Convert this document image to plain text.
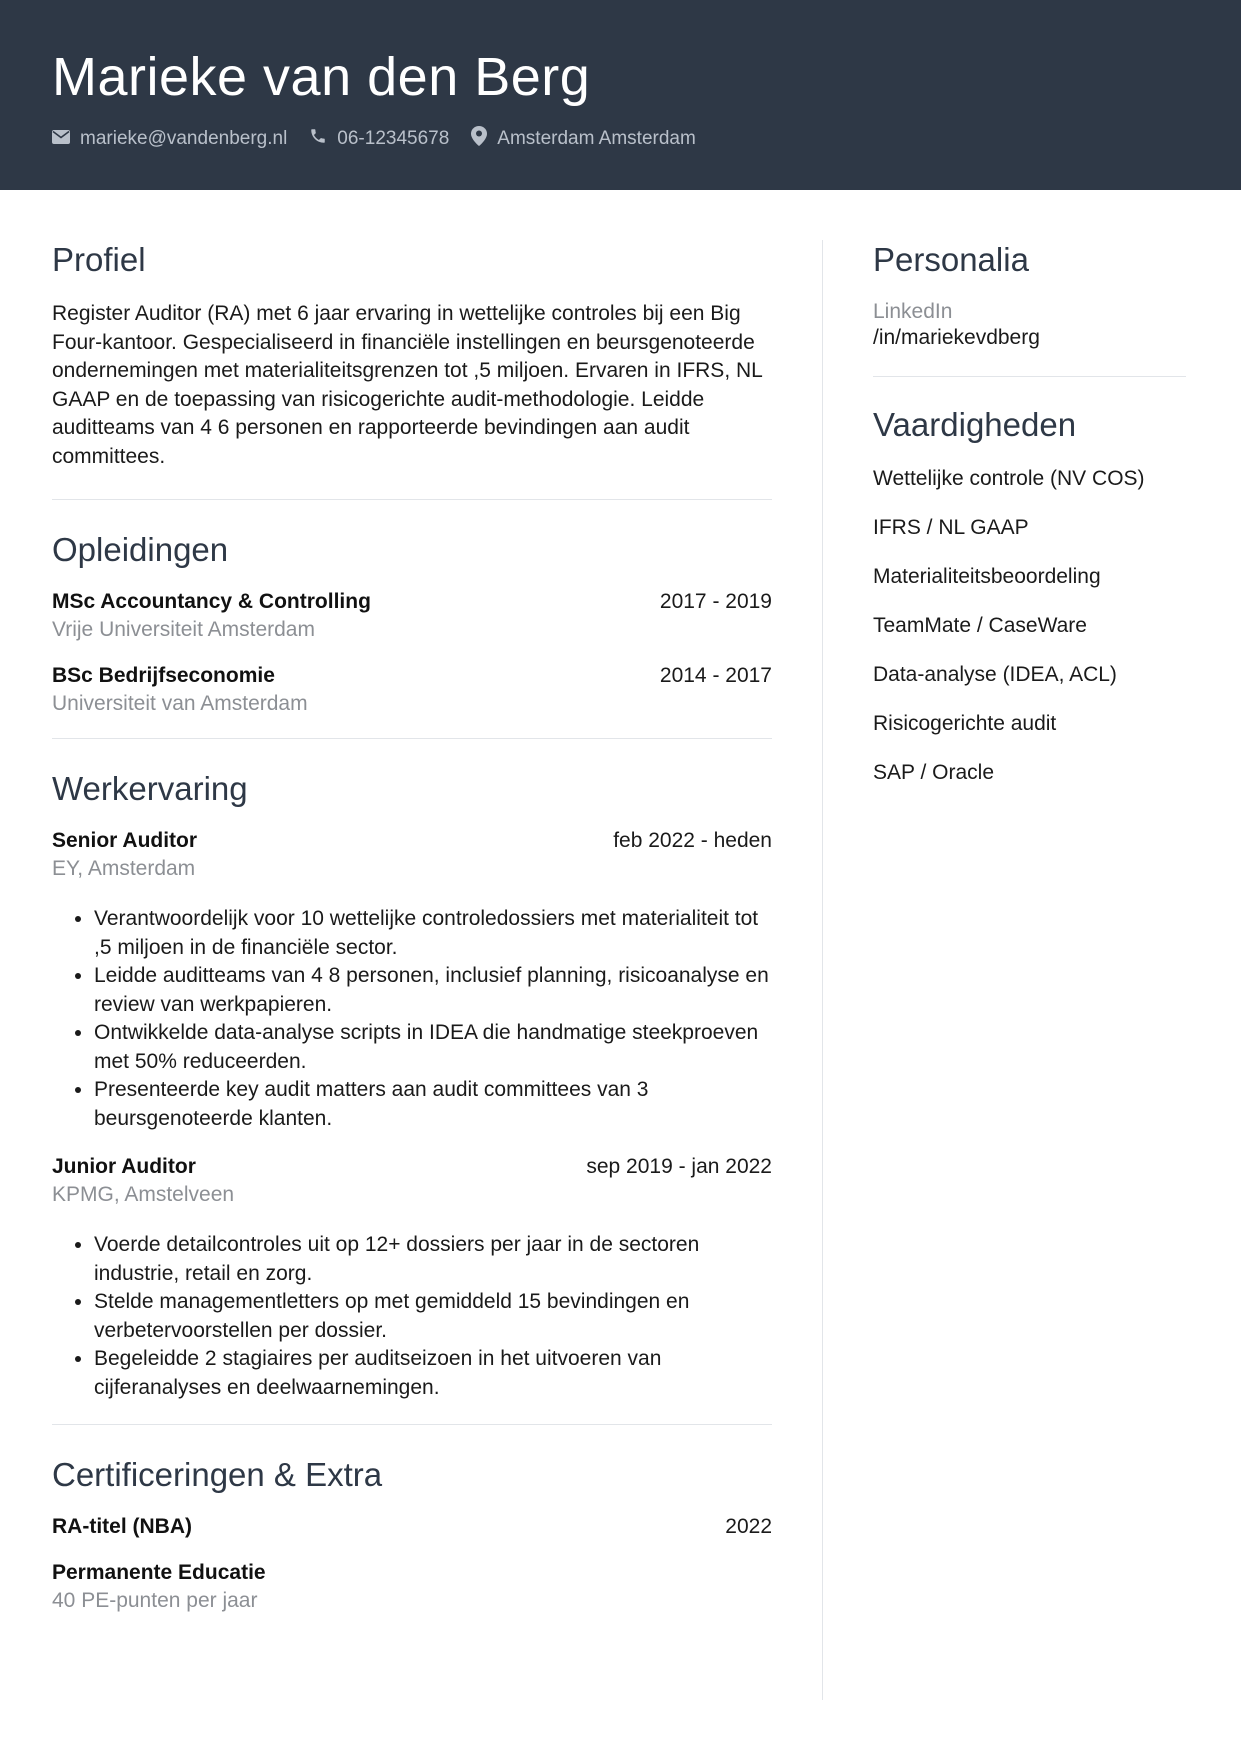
Marieke van den Berg
marieke@vandenberg.nl	06-12345678	Amsterdam Amsterdam
Profiel

Register Auditor (RA) met 6 jaar ervaring in wettelijke controles bij een Big Four-kantoor. Gespecialiseerd in financiële instellingen en beursgenoteerde ondernemingen met materialiteitsgrenzen tot ,5 miljoen. Ervaren in IFRS, NL GAAP en de toepassing van risicogerichte audit-methodologie. Leidde auditteams van 4 6 personen en rapporteerde bevindingen aan audit committees.

Opleidingen
MSc Accountancy & Controlling	2017 - 2019
Vrije Universiteit Amsterdam
BSc Bedrijfseconomie	2014 - 2017
Universiteit van Amsterdam
Werkervaring
Senior Auditor	feb 2022 - heden
EY, Amsterdam
• Verantwoordelijk voor 10 wettelijke controledossiers met materialiteit tot ,5 miljoen in de financiële sector.
• Leidde auditteams van 4 8 personen, inclusief planning, risicoanalyse en review van werkpapieren.
• Ontwikkelde data-analyse scripts in IDEA die handmatige steekproeven met 50% reduceerden.
• Presenteerde key audit matters aan audit committees van 3 beursgenoteerde klanten.
Junior Auditor	sep 2019 - jan 2022
KPMG, Amstelveen
• Voerde detailcontroles uit op 12+ dossiers per jaar in de sectoren industrie, retail en zorg.
• Stelde managementletters op met gemiddeld 15 bevindingen en verbetervoorstellen per dossier.
• Begeleidde 2 stagiaires per auditseizoen in het uitvoeren van cijferanalyses en deelwaarnemingen.
Certificeringen & Extra
RA-titel (NBA)	2022
Permanente Educatie
40 PE-punten per jaar
Personalia
LinkedIn
/in/mariekevdberg
Vaardigheden
Wettelijke controle (NV COS)
IFRS / NL GAAP
Materialiteitsbeoordeling
TeamMate / CaseWare
Data-analyse (IDEA, ACL)
Risicogerichte audit
SAP / Oracle
